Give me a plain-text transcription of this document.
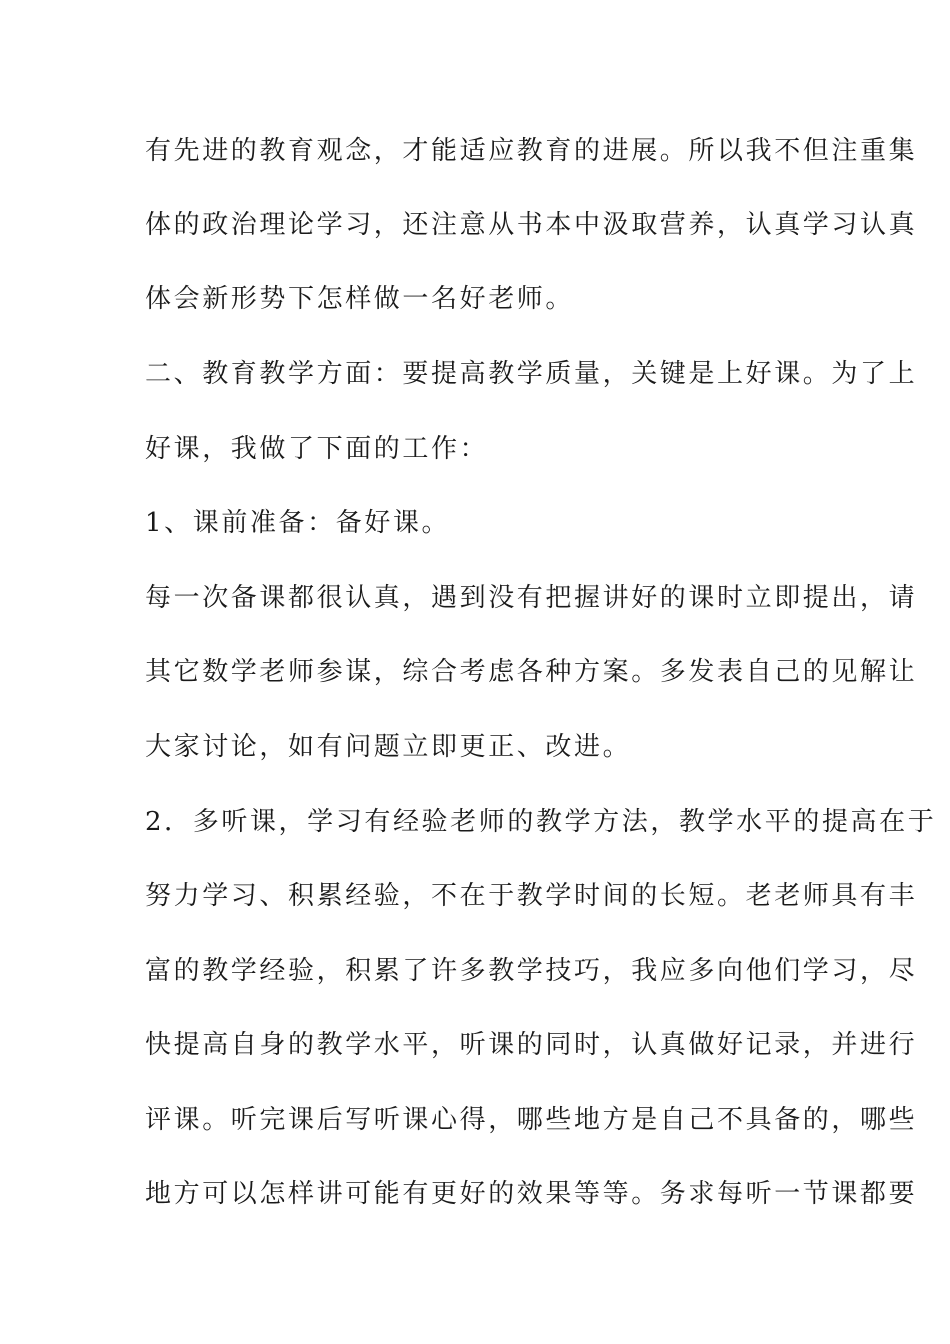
有先进的教育观念，才能适应教育的进展。所以我不但注重集
体的政治理论学习，还注意从书本中汲取营养，认真学习认真
体会新形势下怎样做一名好老师。
二、教育教学方面：要提高教学质量，关键是上好课。为了上
好课，我做了下面的工作：
1、课前准备：备好课。
每一次备课都很认真，遇到没有把握讲好的课时立即提出，请
其它数学老师参谋，综合考虑各种方案。多发表自己的见解让
大家讨论，如有问题立即更正、改进。
2．多听课，学习有经验老师的教学方法，教学水平的提高在于
努力学习、积累经验，不在于教学时间的长短。老老师具有丰
富的教学经验，积累了许多教学技巧，我应多向他们学习，尽
快提高自身的教学水平，听课的同时，认真做好记录，并进行
评课。听完课后写听课心得，哪些地方是自己不具备的，哪些
地方可以怎样讲可能有更好的效果等等。务求每听一节课都要
